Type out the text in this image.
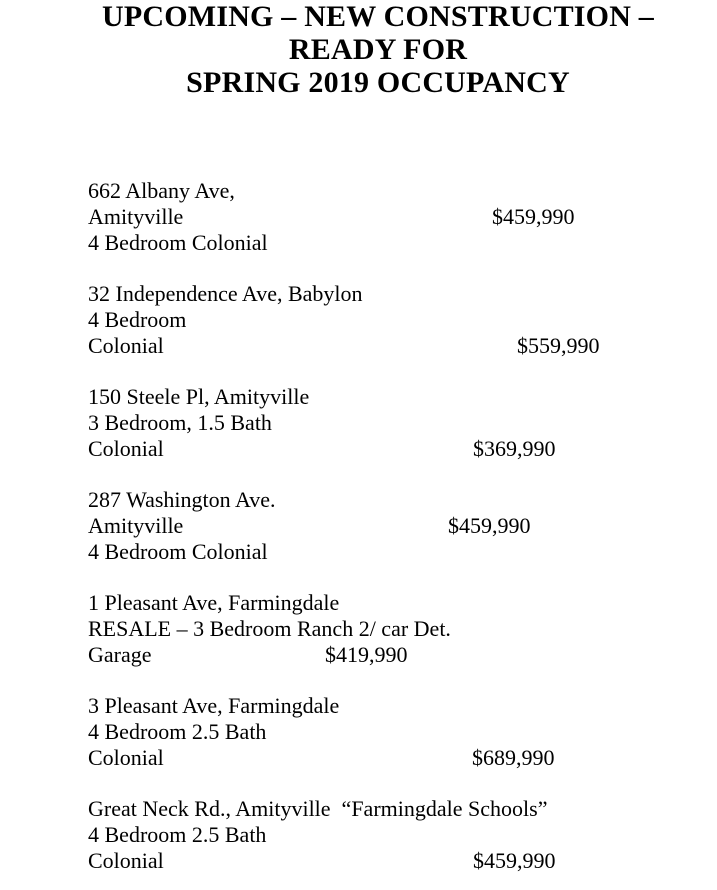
UPCOMING – NEW CONSTRUCTION –
READY FOR
SPRING 2019 OCCUPANCY
662 Albany Ave,
Amityville	$459,990
4 Bedroom Colonial
32 Independence Ave, Babylon
4 Bedroom
Colonial	$559,990
150 Steele Pl, Amityville
3 Bedroom, 1.5 Bath
Colonial	$369,990
287 Washington Ave.
Amityville	$459,990
4 Bedroom Colonial
1 Pleasant Ave, Farmingdale
RESALE – 3 Bedroom Ranch 2/ car Det.
Garage	$419,990
3 Pleasant Ave, Farmingdale
4 Bedroom 2.5 Bath
Colonial	$689,990
Great Neck Rd., Amityville  “Farmingdale Schools”
4 Bedroom 2.5 Bath
Colonial	$459,990
